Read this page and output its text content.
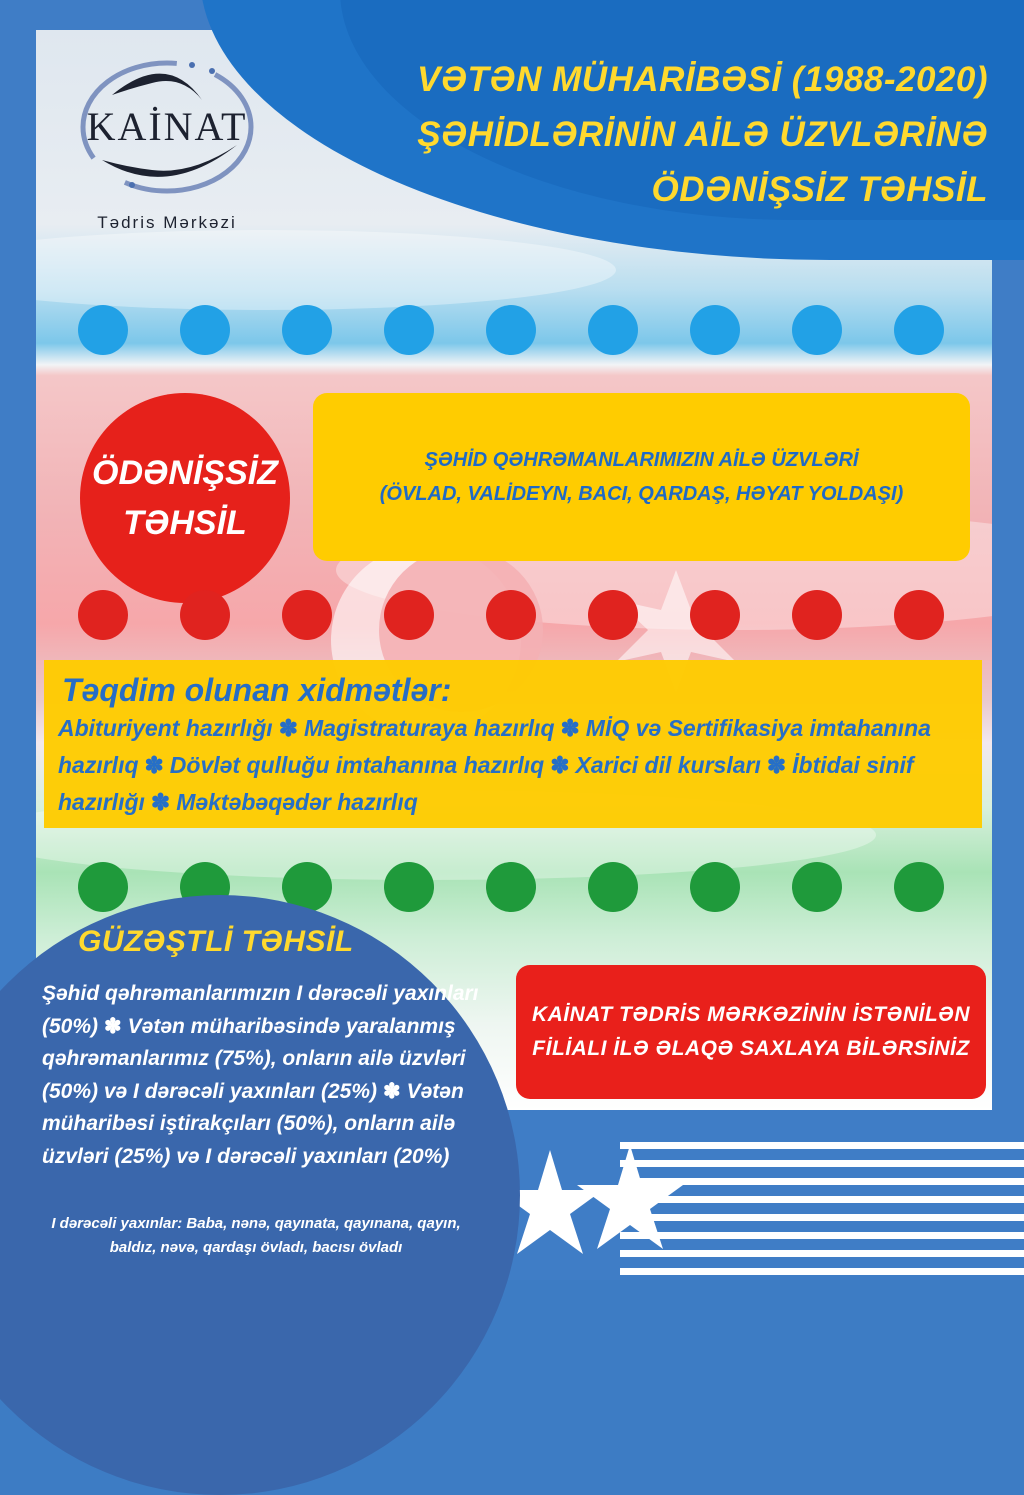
VƏTƏN MÜHARİBƏSİ (1988-2020)
ŞƏHİDLƏRİNİN AİLƏ ÜZVLƏRİNƏ
ÖDƏNİŞSİZ TƏHSİL
KAİNAT
Tədris Mərkəzi
ÖDƏNİŞSİZ
TƏHSİL
ŞƏHİD QƏHRƏMANLARIMIZIN AİLƏ ÜZVLƏRİ
(ÖVLAD, VALİDEYN, BACI, QARDAŞ, HƏYAT YOLDAŞI)
Təqdim olunan xidmətlər:
Abituriyent hazırlığı ✽ Magistraturaya hazırlıq ✽ MİQ və Sertifikasiya imtahanına hazırlıq ✽ Dövlət qulluğu imtahanına hazırlıq ✽ Xarici dil kursları ✽ İbtidai sinif hazırlığı ✽ Məktəbəqədər hazırlıq
GÜZƏŞTLİ TƏHSİL
Şəhid qəhrəmanlarımızın I dərəcəli yaxınları (50%) ✽ Vətən müharibəsində yaralanmış qəhrəmanlarımız (75%), onların ailə üzvləri (50%) və I dərəcəli yaxınları (25%) ✽ Vətən müharibəsi iştirakçıları (50%), onların ailə üzvləri (25%) və I dərəcəli yaxınları (20%)
I dərəcəli yaxınlar: Baba, nənə, qayınata, qayınana, qayın, baldız, nəvə, qardaşı övladı, bacısı övladı
KAİNAT TƏDRİS MƏRKƏZİNİN İSTƏNİLƏN
FİLİALI İLƏ ƏLAQƏ SAXLAYA BİLƏRSİNİZ
